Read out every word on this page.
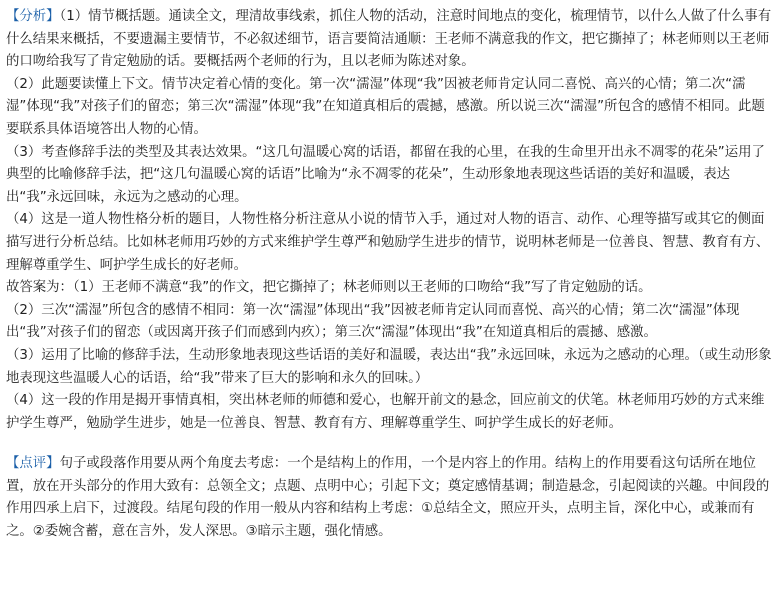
【分析】（1）情节概括题。通读全文，理清故事线索，抓住人物的活动，注意时间地点的变化，梳理情节，以什么人做了什么事有什么结果来概括，不要遗漏主要情节，不必叙述细节，语言要简洁通顺：王老师不满意我的作文，把它撕掉了；林老师则以王老师的口吻给我写了肯定勉励的话。要概括两个老师的行为，且以老师为陈述对象。

（2）此题要读懂上下文。情节决定着心情的变化。第一次“濡湿”体现“我”因被老师肯定认同二喜悦、高兴的心情；第二次“濡湿”体现“我”对孩子们的留恋；第三次“濡湿”体现“我”在知道真相后的震撼，感激。所以说三次“濡湿”所包含的感情不相同。此题要联系具体语境答出人物的心情。

（3）考查修辞手法的类型及其表达效果。“这几句温暖心窝的话语，都留在我的心里，在我的生命里开出永不凋零的花朵”运用了典型的比喻修辞手法，把“这几句温暖心窝的话语”比喻为“永不凋零的花朵”，生动形象地表现这些话语的美好和温暖，表达出“我”永远回味，永远为之感动的心理。

（4）这是一道人物性格分析的题目，人物性格分析注意从小说的情节入手，通过对人物的语言、动作、心理等描写或其它的侧面描写进行分析总结。比如林老师用巧妙的方式来维护学生尊严和勉励学生进步的情节，说明林老师是一位善良、智慧、教育有方、理解尊重学生、呵护学生成长的好老师。

故答案为：（1）王老师不满意“我”的作文，把它撕掉了；林老师则以王老师的口吻给“我”写了肯定勉励的话。

（2）三次“濡湿”所包含的感情不相同：第一次“濡湿”体现出“我”因被老师肯定认同而喜悦、高兴的心情；第二次“濡湿”体现出“我”对孩子们的留恋（或因离开孩子们而感到内疚）；第三次“濡湿”体现出“我”在知道真相后的震撼、感激。

（3）运用了比喻的修辞手法，生动形象地表现这些话语的美好和温暖，表达出“我”永远回味，永远为之感动的心理。（或生动形象地表现这些温暖人心的话语，给“我”带来了巨大的影响和永久的回味。）

（4）这一段的作用是揭开事情真相，突出林老师的师德和爱心，也解开前文的悬念，回应前文的伏笔。林老师用巧妙的方式来维护学生尊严，勉励学生进步，她是一位善良、智慧、教育有方、理解尊重学生、呵护学生成长的好老师。

【点评】句子或段落作用要从两个角度去考虑：一个是结构上的作用，一个是内容上的作用。结构上的作用要看这句话所在地位置，放在开头部分的作用大致有：总领全文；点题、点明中心；引起下文；奠定感情基调；制造悬念，引起阅读的兴趣。中间段的作用四承上启下，过渡段。结尾句段的作用一般从内容和结构上考虑：①总结全文，照应开头，点明主旨，深化中心，或兼而有之。②委婉含蓄，意在言外，发人深思。③暗示主题，强化情感。
